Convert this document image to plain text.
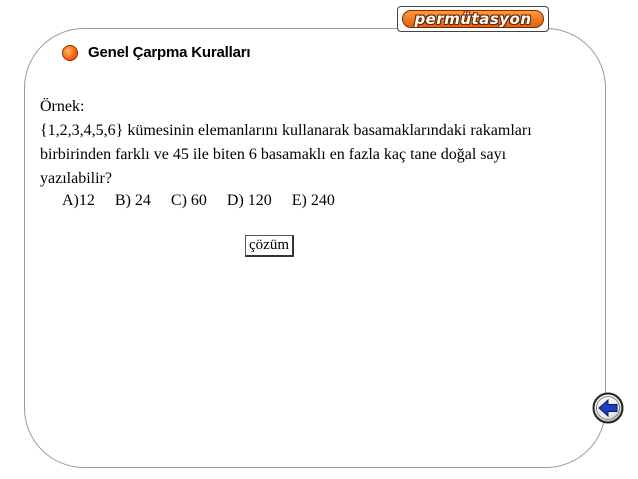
permütasyon
Genel Çarpma Kuralları

Örnek:

{1,2,3,4,5,6} kümesinin elemanlarını kullanarak basamaklarındaki rakamları birbirinden farklı ve 45 ile biten 6 basamaklı en fazla kaç tane doğal sayı yazılabilir?

A)12 B) 24 C) 60 D) 120 E) 240
çözüm
